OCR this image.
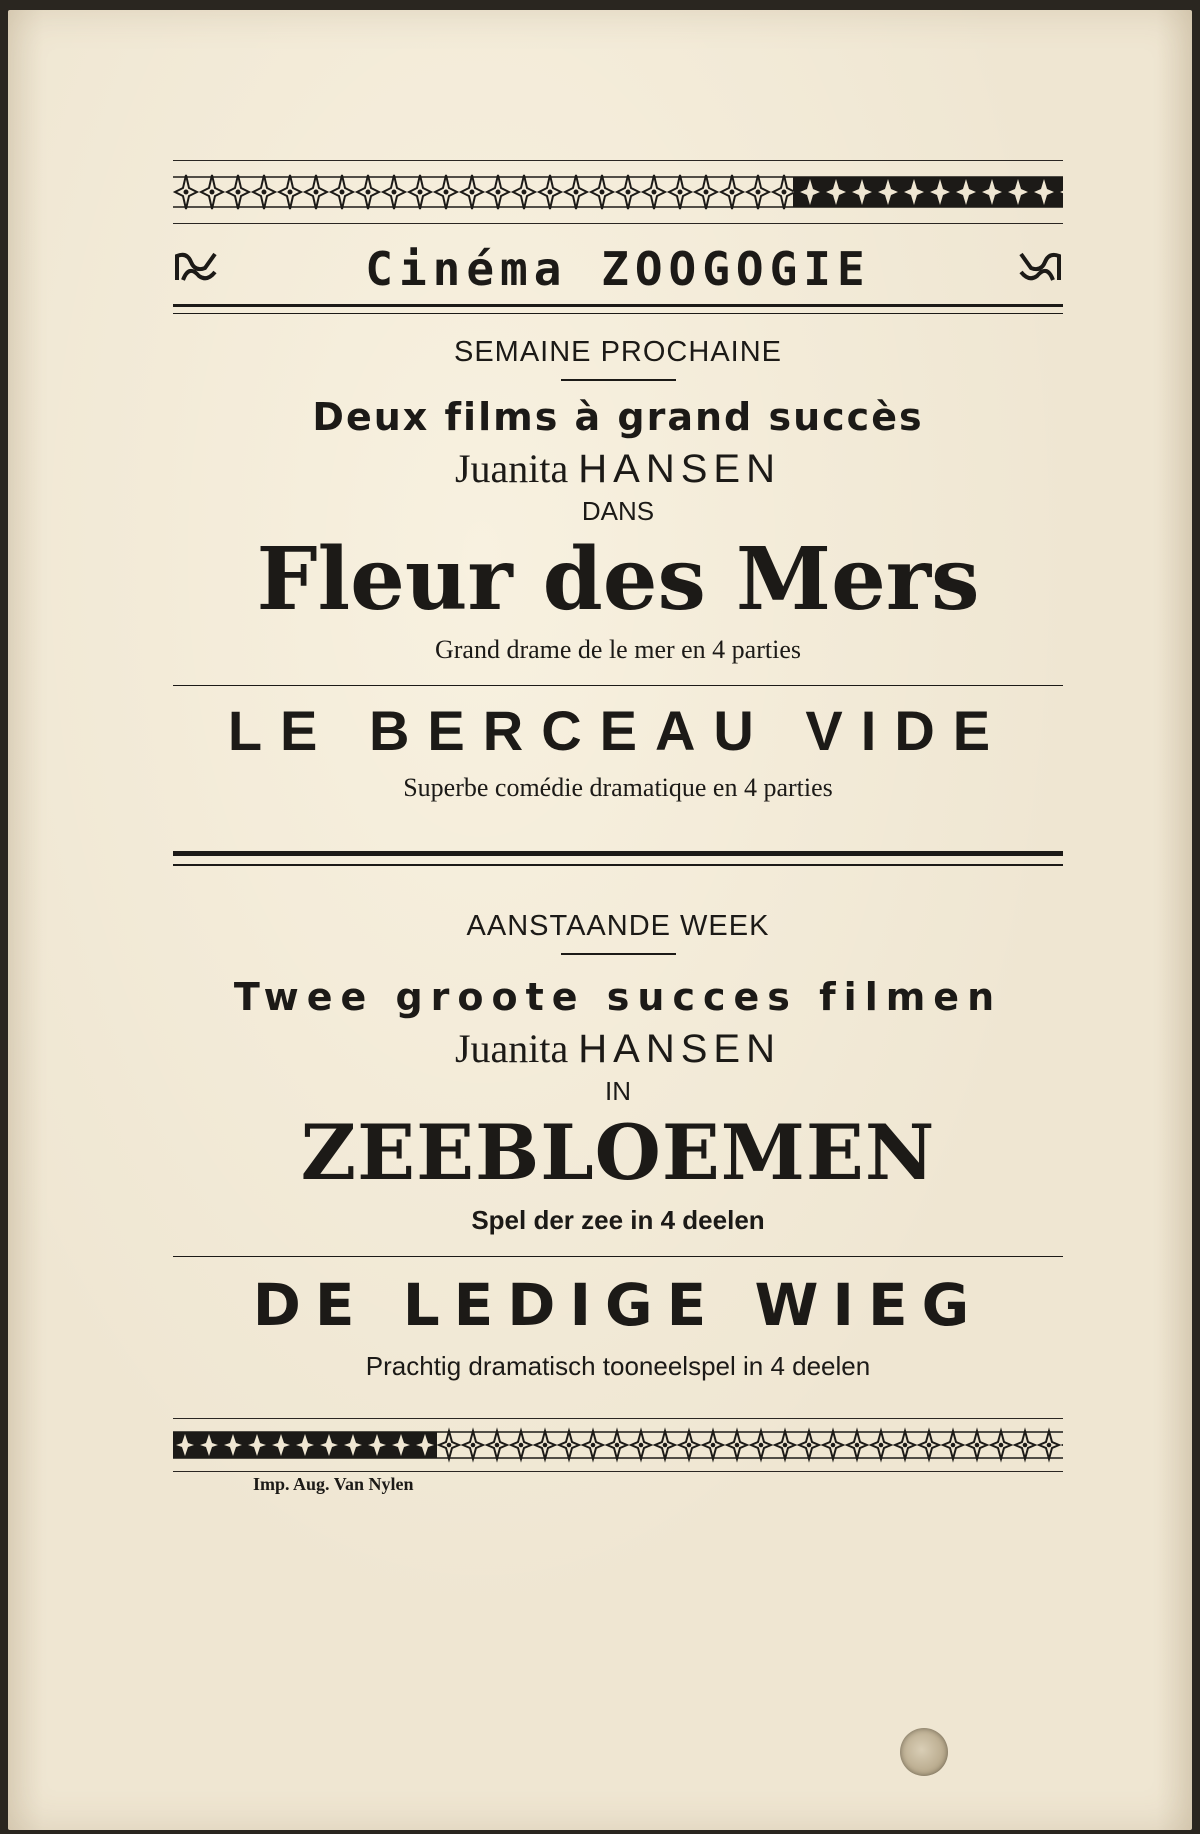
Cinéma ZOOGOGIE
SEMAINE PROCHAINE
Deux films à grand succès
Juanita HANSEN
DANS
Fleur des Mers
Grand drame de le mer en 4 parties
LE BERCEAU VIDE
Superbe comédie dramatique en 4 parties
AANSTAANDE WEEK
Twee groote succes filmen
Juanita HANSEN
IN
ZEEBLOEMEN
Spel der zee in 4 deelen
DE LEDIGE WIEG
Prachtig dramatisch tooneelspel in 4 deelen
Imp. Aug. Van Nylen
